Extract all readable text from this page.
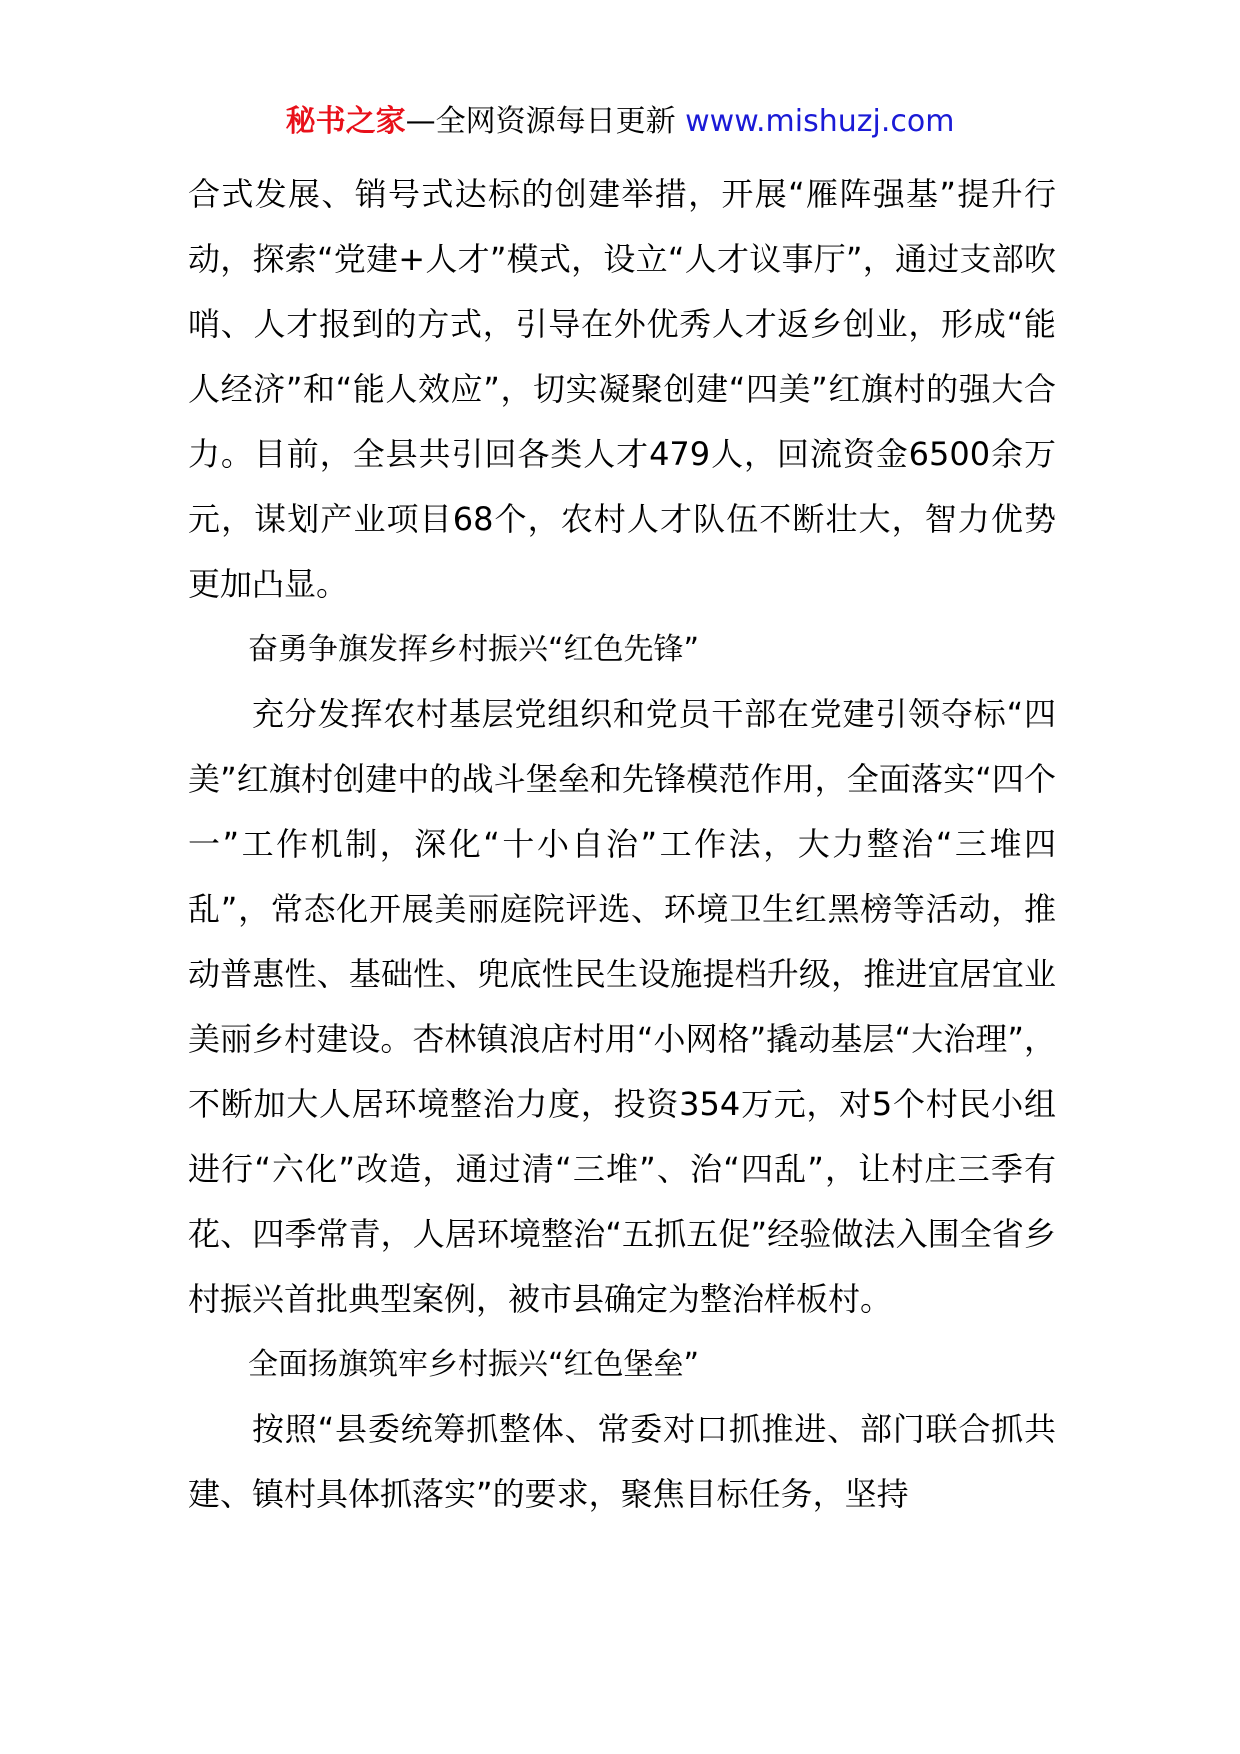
秘书之家—全网资源每日更新 www.mishuzj.com

合式发展、销号式达标的创建举措，开展“雁阵强基”提升行动，探索“党建+人才”模式，设立“人才议事厅”，通过支部吹哨、人才报到的方式，引导在外优秀人才返乡创业，形成“能人经济”和“能人效应”，切实凝聚创建“四美”红旗村的强大合力。目前，全县共引回各类人才479人，回流资金6500余万元，谋划产业项目68个，农村人才队伍不断壮大，智力优势更加凸显。

奋勇争旗发挥乡村振兴“红色先锋”

充分发挥农村基层党组织和党员干部在党建引领夺标“四美”红旗村创建中的战斗堡垒和先锋模范作用，全面落实“四个一”工作机制，深化“十小自治”工作法，大力整治“三堆四乱”，常态化开展美丽庭院评选、环境卫生红黑榜等活动，推动普惠性、基础性、兜底性民生设施提档升级，推进宜居宜业美丽乡村建设。杏林镇浪店村用“小网格”撬动基层“大治理”，不断加大人居环境整治力度，投资354万元，对5个村民小组进行“六化”改造，通过清“三堆”、治“四乱”，让村庄三季有花、四季常青，人居环境整治“五抓五促”经验做法入围全省乡村振兴首批典型案例，被市县确定为整治样板村。

全面扬旗筑牢乡村振兴“红色堡垒”

按照“县委统筹抓整体、常委对口抓推进、部门联合抓共建、镇村具体抓落实”的要求，聚焦目标任务，坚持
